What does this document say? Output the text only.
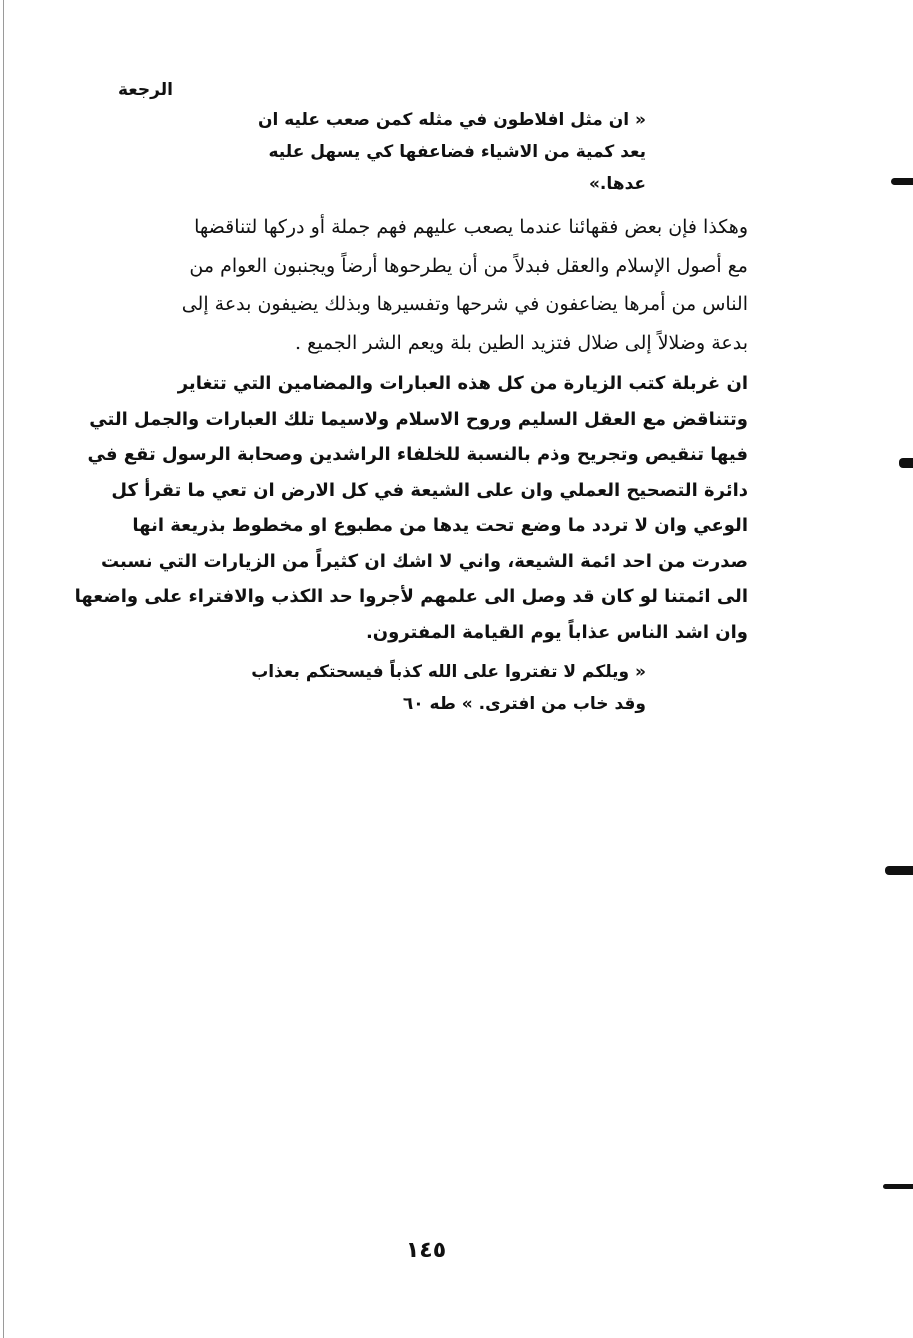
الرجعة
« ان مثل افلاطون في مثله كمن صعب عليه ان
يعد كمية من الاشياء فضاعفها كي يسهل عليه
عدها.»
وهكذا فإن بعض فقهائنا عندما يصعب عليهم فهم جملة أو دركها لتناقضها
مع أصول الإسلام والعقل فبدلاً من أن يطرحوها أرضاً ويجنبون العوام من
الناس من أمرها يضاعفون في شرحها وتفسيرها وبذلك يضيفون بدعة إلى
بدعة وضلالاً إلى ضلال فتزيد الطين بلة ويعم الشر الجميع .
ان غربلة كتب الزيارة من كل هذه العبارات والمضامين التي تتغاير
وتتناقض مع العقل السليم وروح الاسلام ولاسيما تلك العبارات والجمل التي
فيها تنقيص وتجريح وذم بالنسبة للخلفاء الراشدين وصحابة الرسول تقع في
دائرة التصحيح العملي وان على الشيعة في كل الارض ان تعي ما تقرأ كل
الوعي وان لا تردد ما وضع تحت يدها من مطبوع او مخطوط بذريعة انها
صدرت من احد ائمة الشيعة، واني لا اشك ان كثيراً من الزيارات التي نسبت
الى ائمتنا لو كان قد وصل الى علمهم لأجروا حد الكذب والافتراء على واضعها
وان اشد الناس عذاباً يوم القيامة المفترون.
« ويلكم لا تفتروا على الله كذباً فيسحتكم بعذاب
وقد خاب من افترى. » طه ٦٠
١٤٥
